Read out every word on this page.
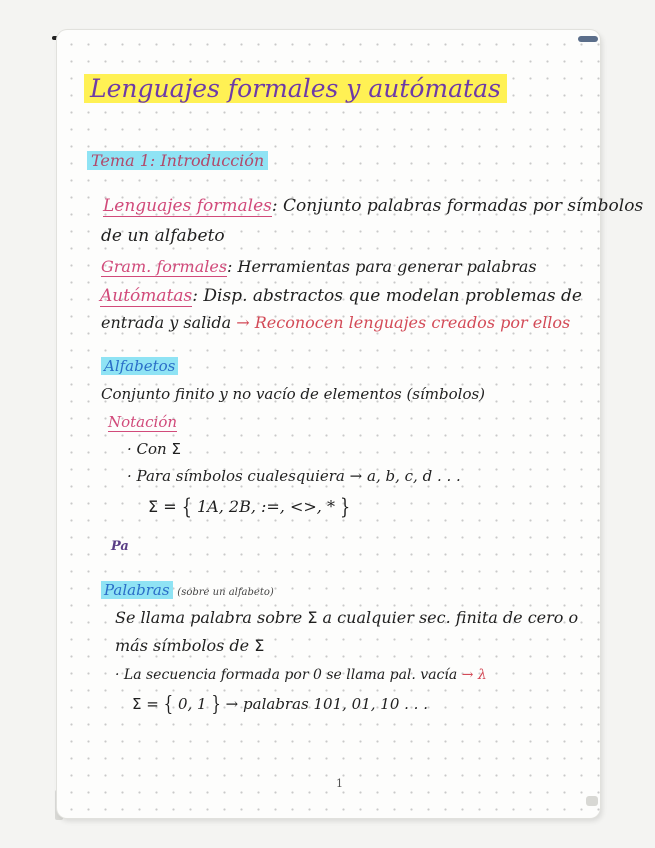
Lenguajes formales y autómatas
Tema 1: Introducción
Lenguajes formales: Conjunto palabras formadas por símbolos
de un alfabeto
Gram. formales: Herramientas para generar palabras
Autómatas: Disp. abstractos que modelan problemas de
entrada y salida → Reconocen lenguajes creados por ellos
Alfabetos
Conjunto finito y no vacío de elementos (símbolos)
Notación
· Con Σ
· Para símbolos cualesquiera → a, b, c, d . . .
Σ = { 1A, 2B, :=, <>, * }
Pa
Palabras (sobre un alfabeto)
Se llama palabra sobre Σ a cualquier sec. finita de cero o
más símbolos de Σ
· La secuencia formada por 0 se llama pal. vacía → λ
Σ = { 0, 1 } → palabras 101, 01, 10 . . .
1
